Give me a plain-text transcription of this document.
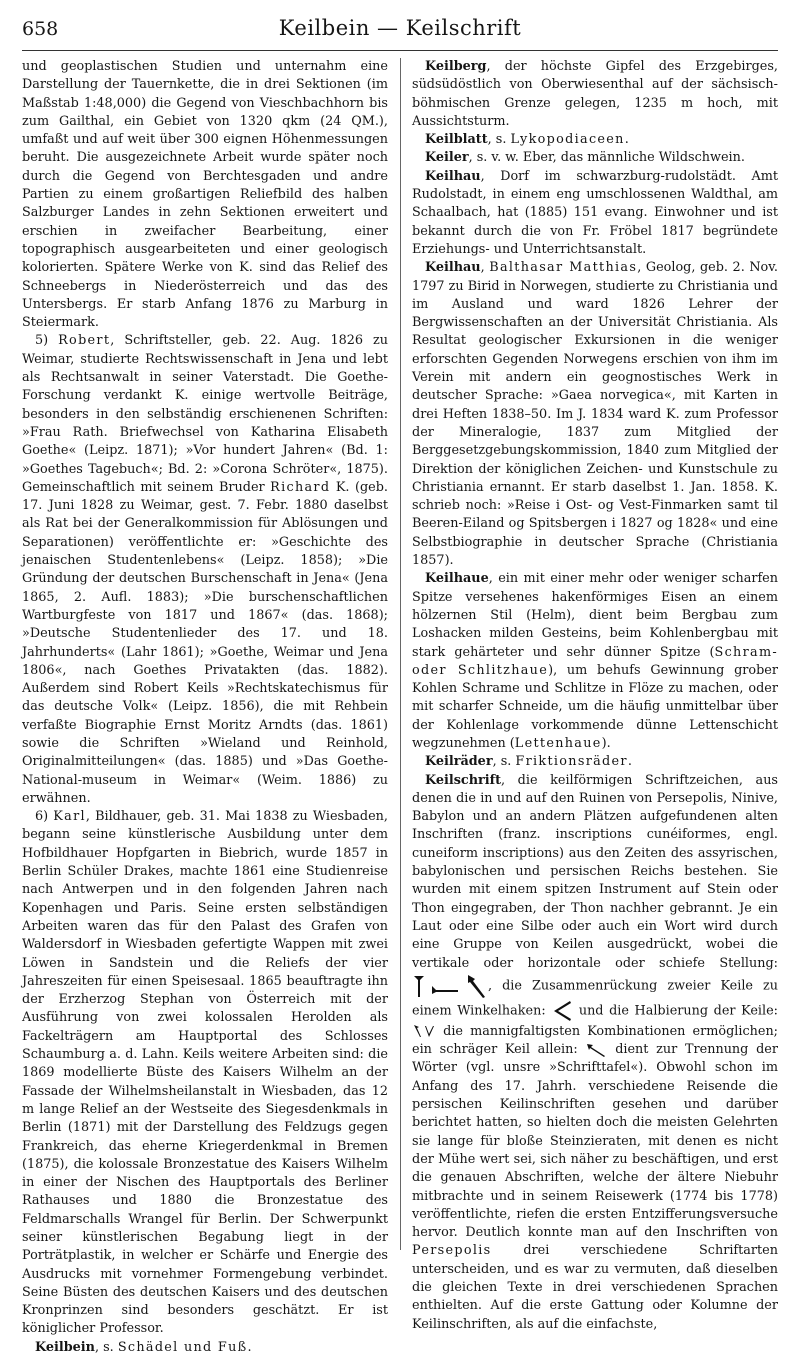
658	Keilbein — Keilschrift

und geoplastischen Studien und unternahm eine Darstellung der Tauernkette, die in drei Sektionen (im Maßstab 1:48,000) die Gegend von Vieschbachhorn bis zum Gailthal, ein Gebiet von 1320 qkm (24 QM.), umfaßt und auf weit über 300 eignen Höhenmessungen beruht. Die ausgezeichnete Arbeit wurde später noch durch die Gegend von Berchtesgaden und andre Partien zu einem großartigen Reliefbild des halben Salzburger Landes in zehn Sektionen erweitert und erschien in zweifacher Bearbeitung, einer topographisch ausgearbeiteten und einer geologisch kolorierten. Spätere Werke von K. sind das Relief des Schneebergs in Niederösterreich und das des Untersbergs. Er starb Anfang 1876 zu Marburg in Steiermark.

5) Robert, Schriftsteller, geb. 22. Aug. 1826 zu Weimar, studierte Rechtswissenschaft in Jena und lebt als Rechtsanwalt in seiner Vaterstadt. Die Goethe-Forschung verdankt K. einige wertvolle Beiträge, besonders in den selbständig erschienenen Schriften: »Frau Rath. Briefwechsel von Katharina Elisabeth Goethe« (Leipz. 1871); »Vor hundert Jahren« (Bd. 1: »Goethes Tagebuch«; Bd. 2: »Corona Schröter«, 1875). Gemeinschaftlich mit seinem Bruder Richard K. (geb. 17. Juni 1828 zu Weimar, gest. 7. Febr. 1880 daselbst als Rat bei der Generalkommission für Ablösungen und Separationen) veröffentlichte er: »Geschichte des jenaischen Studentenlebens« (Leipz. 1858); »Die Gründung der deutschen Burschenschaft in Jena« (Jena 1865, 2. Aufl. 1883); »Die burschenschaftlichen Wartburgfeste von 1817 und 1867« (das. 1868); »Deutsche Studentenlieder des 17. und 18. Jahrhunderts« (Lahr 1861); »Goethe, Weimar und Jena 1806«, nach Goethes Privatakten (das. 1882). Außerdem sind Robert Keils »Rechtskatechismus für das deutsche Volk« (Leipz. 1856), die mit Rehbein verfaßte Biographie Ernst Moritz Arndts (das. 1861) sowie die Schriften »Wieland und Reinhold, Originalmitteilungen« (das. 1885) und »Das Goethe-National-museum in Weimar« (Weim. 1886) zu erwähnen.

6) Karl, Bildhauer, geb. 31. Mai 1838 zu Wiesbaden, begann seine künstlerische Ausbildung unter dem Hofbildhauer Hopfgarten in Biebrich, wurde 1857 in Berlin Schüler Drakes, machte 1861 eine Studienreise nach Antwerpen und in den folgenden Jahren nach Kopenhagen und Paris. Seine ersten selbständigen Arbeiten waren das für den Palast des Grafen von Waldersdorf in Wiesbaden gefertigte Wappen mit zwei Löwen in Sandstein und die Reliefs der vier Jahreszeiten für einen Speisesaal. 1865 beauftragte ihn der Erzherzog Stephan von Österreich mit der Ausführung von zwei kolossalen Herolden als Fackelträgern am Hauptportal des Schlosses Schaumburg a. d. Lahn. Keils weitere Arbeiten sind: die 1869 modellierte Büste des Kaisers Wilhelm an der Fassade der Wilhelmsheilanstalt in Wiesbaden, das 12 m lange Relief an der Westseite des Siegesdenkmals in Berlin (1871) mit der Darstellung des Feldzugs gegen Frankreich, das eherne Kriegerdenkmal in Bremen (1875), die kolossale Bronzestatue des Kaisers Wilhelm in einer der Nischen des Hauptportals des Berliner Rathauses und 1880 die Bronzestatue des Feldmarschalls Wrangel für Berlin. Der Schwerpunkt seiner künstlerischen Begabung liegt in der Porträtplastik, in welcher er Schärfe und Energie des Ausdrucks mit vornehmer Formengebung verbindet. Seine Büsten des deutschen Kaisers und des deutschen Kronprinzen sind besonders geschätzt. Er ist königlicher Professor.

Keilbein, s. Schädel und Fuß.

Keilberg, der höchste Gipfel des Erzgebirges, südsüdöstlich von Oberwiesenthal auf der sächsisch-böhmischen Grenze gelegen, 1235 m hoch, mit Aussichtsturm.

Keilblatt, s. Lykopodiaceen.

Keiler, s. v. w. Eber, das männliche Wildschwein.

Keilhau, Dorf im schwarzburg-rudolstädt. Amt Rudolstadt, in einem eng umschlossenen Waldthal, am Schaalbach, hat (1885) 151 evang. Einwohner und ist bekannt durch die von Fr. Fröbel 1817 begründete Erziehungs- und Unterrichtsanstalt.

Keilhau, Balthasar Matthias, Geolog, geb. 2. Nov. 1797 zu Birid in Norwegen, studierte zu Christiania und im Ausland und ward 1826 Lehrer der Bergwissenschaften an der Universität Christiania. Als Resultat geologischer Exkursionen in die weniger erforschten Gegenden Norwegens erschien von ihm im Verein mit andern ein geognostisches Werk in deutscher Sprache: »Gaea norvegica«, mit Karten in drei Heften 1838–50. Im J. 1834 ward K. zum Professor der Mineralogie, 1837 zum Mitglied der Berggesetzgebungskommission, 1840 zum Mitglied der Direktion der königlichen Zeichen- und Kunstschule zu Christiania ernannt. Er starb daselbst 1. Jan. 1858. K. schrieb noch: »Reise i Ost- og Vest-Finmarken samt til Beeren-Eiland og Spitsbergen i 1827 og 1828« und eine Selbstbiographie in deutscher Sprache (Christiania 1857).

Keilhaue, ein mit einer mehr oder weniger scharfen Spitze versehenes hakenförmiges Eisen an einem hölzernen Stil (Helm), dient beim Bergbau zum Loshacken milden Gesteins, beim Kohlenbergbau mit stark gehärteter und sehr dünner Spitze (Schram- oder Schlitzhaue), um behufs Gewinnung grober Kohlen Schrame und Schlitze in Flöze zu machen, oder mit scharfer Schneide, um die häufig unmittelbar über der Kohlenlage vorkommende dünne Lettenschicht wegzunehmen (Lettenhaue).

Keilräder, s. Friktionsräder.

Keilschrift, die keilförmigen Schriftzeichen, aus denen die in und auf den Ruinen von Persepolis, Ninive, Babylon und an andern Plätzen aufgefundenen alten Inschriften (franz. inscriptions cunéiformes, engl. cuneiform inscriptions) aus den Zeiten des assyrischen, babylonischen und persischen Reichs bestehen. Sie wurden mit einem spitzen Instrument auf Stein oder Thon eingegraben, der Thon nachher gebrannt. Je ein Laut oder eine Silbe oder auch ein Wort wird durch eine Gruppe von Keilen ausgedrückt, wobei die vertikale oder horizontale oder schiefe Stellung: , die Zusammenrückung zweier Keile zu einem Winkelhaken:	und die Halbierung der Keile:  die mannigfaltigsten Kombinationen ermöglichen; ein schräger Keil allein:	dient zur Trennung der Wörter (vgl. unsre »Schrifttafel«). Obwohl schon im Anfang des 17. Jahrh. verschiedene Reisende die persischen Keilinschriften gesehen und darüber berichtet hatten, so hielten doch die meisten Gelehrten sie lange für bloße Steinzieraten, mit denen es nicht der Mühe wert sei, sich näher zu beschäftigen, und erst die genauen Abschriften, welche der ältere Niebuhr mitbrachte und in seinem Reisewerk (1774 bis 1778) veröffentlichte, riefen die ersten Entzifferungsversuche hervor. Deutlich konnte man auf den Inschriften von Persepolis drei verschiedene Schriftarten unterscheiden, und es war zu vermuten, daß dieselben die gleichen Texte in drei verschiedenen Sprachen enthielten. Auf die erste Gattung oder Kolumne der Keilinschriften, als auf die einfachste,
